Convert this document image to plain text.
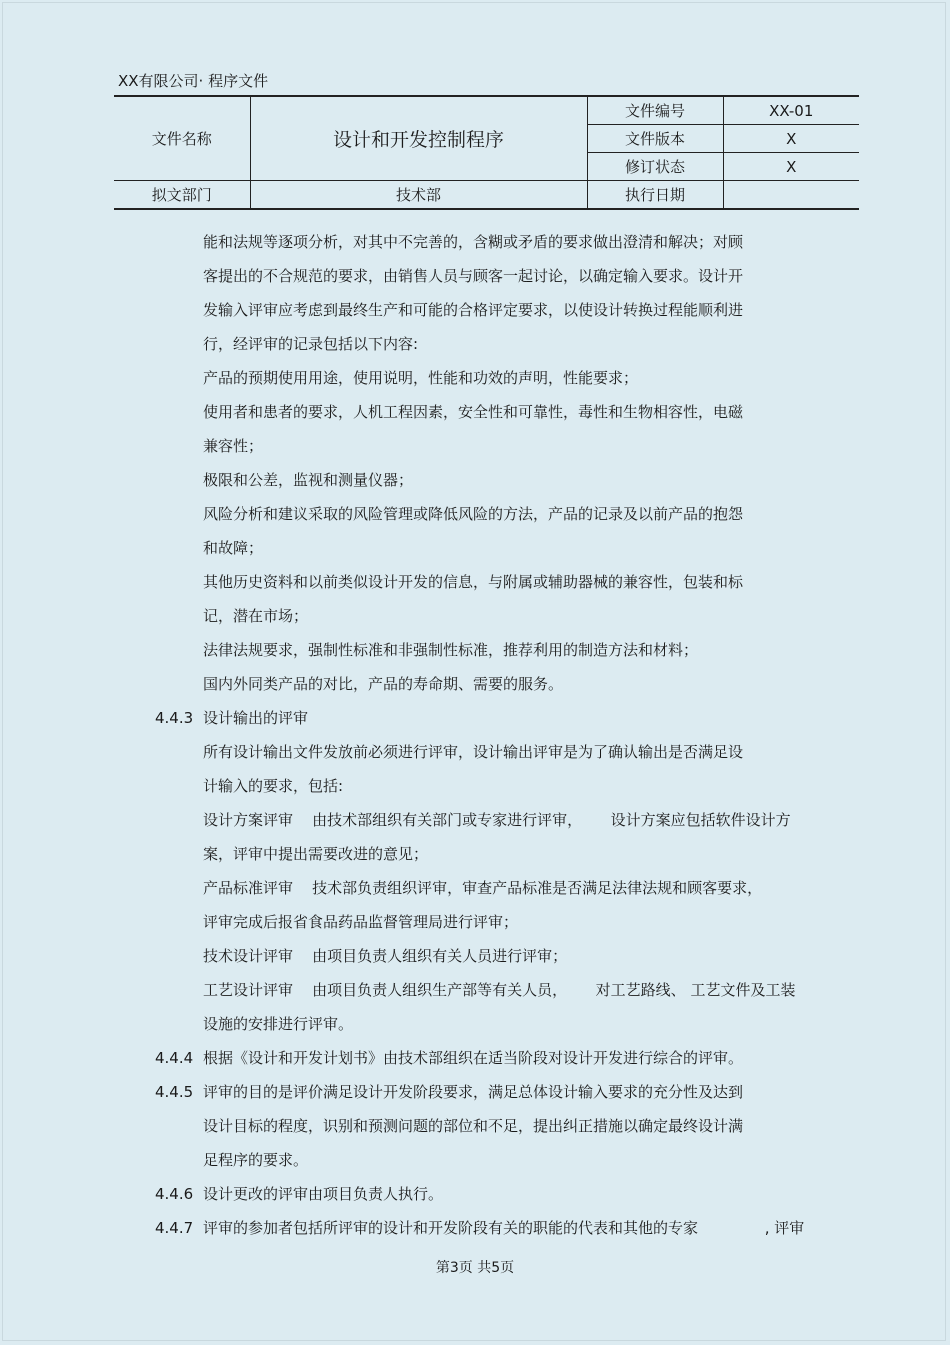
XX有限公司· 程序文件
文件名称	设计和开发控制程序	文件编号	XX-01
		文件版本	X
		修订状态	X
拟文部门	技术部	执行日期	
能和法规等逐项分析，对其中不完善的，含糊或矛盾的要求做出澄清和解决；对顾
客提出的不合规范的要求，由销售人员与顾客一起讨论，以确定输入要求。设计开
发输入评审应考虑到最终生产和可能的合格评定要求，以使设计转换过程能顺利进
行，经评审的记录包括以下内容:
产品的预期使用用途，使用说明，性能和功效的声明，性能要求；
使用者和患者的要求，人机工程因素，安全性和可靠性，毒性和生物相容性，电磁
兼容性；
极限和公差，监视和测量仪器；
风险分析和建议采取的风险管理或降低风险的方法，产品的记录及以前产品的抱怨
和故障；
其他历史资料和以前类似设计开发的信息，与附属或辅助器械的兼容性，包装和标
记，潜在市场；
法律法规要求，强制性标准和非强制性标准，推荐利用的制造方法和材料；
国内外同类产品的对比，产品的寿命期、需要的服务。
4.4.3 设计输出的评审
所有设计输出文件发放前必须进行评审，设计输出评审是为了确认输出是否满足设
计输入的要求，包括:
设计方案评审    由技术部组织有关部门或专家进行评审，      设计方案应包括软件设计方
案，评审中提出需要改进的意见；
产品标准评审    技术部负责组织评审，审查产品标准是否满足法律法规和顾客要求，
评审完成后报省食品药品监督管理局进行评审；
技术设计评审    由项目负责人组织有关人员进行评审；
工艺设计评审    由项目负责人组织生产部等有关人员，      对工艺路线、 工艺文件及工装
设施的安排进行评审。
4.4.4 根据《设计和开发计划书》由技术部组织在适当阶段对设计开发进行综合的评审。
4.4.5 评审的目的是评价满足设计开发阶段要求，满足总体设计输入要求的充分性及达到
设计目标的程度，识别和预测问题的部位和不足，提出纠正措施以确定最终设计满
足程序的要求。
4.4.6 设计更改的评审由项目负责人执行。
4.4.7 评审的参加者包括所评审的设计和开发阶段有关的职能的代表和其他的专家              , 评审
第3页 共5页
